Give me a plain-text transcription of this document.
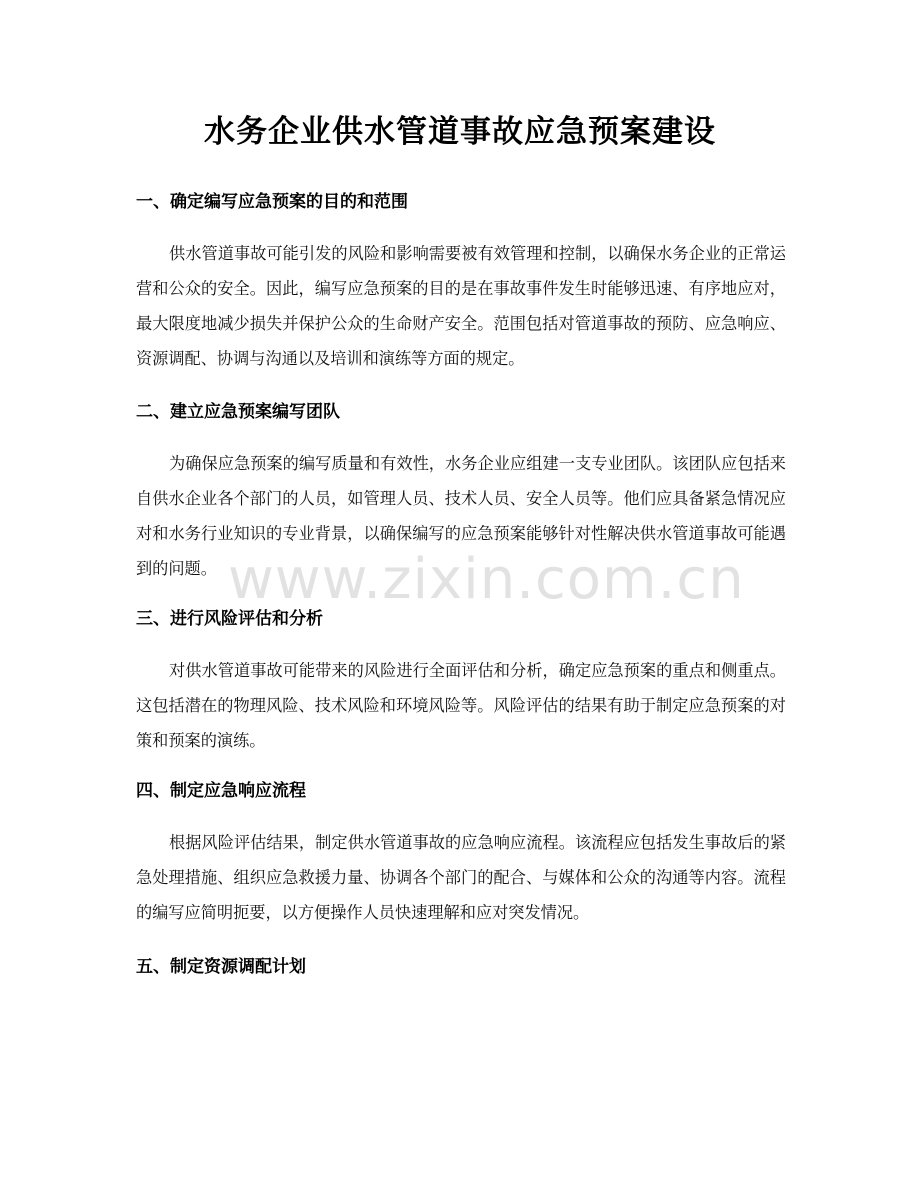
水务企业供水管道事故应急预案建设
一、确定编写应急预案的目的和范围
供水管道事故可能引发的风险和影响需要被有效管理和控制，以确保水务企业的正常运营和公众的安全。因此，编写应急预案的目的是在事故事件发生时能够迅速、有序地应对，最大限度地减少损失并保护公众的生命财产安全。范围包括对管道事故的预防、应急响应、资源调配、协调与沟通以及培训和演练等方面的规定。
二、建立应急预案编写团队
为确保应急预案的编写质量和有效性，水务企业应组建一支专业团队。该团队应包括来自供水企业各个部门的人员，如管理人员、技术人员、安全人员等。他们应具备紧急情况应对和水务行业知识的专业背景，以确保编写的应急预案能够针对性解决供水管道事故可能遇到的问题。
三、进行风险评估和分析
对供水管道事故可能带来的风险进行全面评估和分析，确定应急预案的重点和侧重点。这包括潜在的物理风险、技术风险和环境风险等。风险评估的结果有助于制定应急预案的对策和预案的演练。
四、制定应急响应流程
根据风险评估结果，制定供水管道事故的应急响应流程。该流程应包括发生事故后的紧急处理措施、组织应急救援力量、协调各个部门的配合、与媒体和公众的沟通等内容。流程的编写应简明扼要，以方便操作人员快速理解和应对突发情况。
五、制定资源调配计划
www.zixin.com.cn
